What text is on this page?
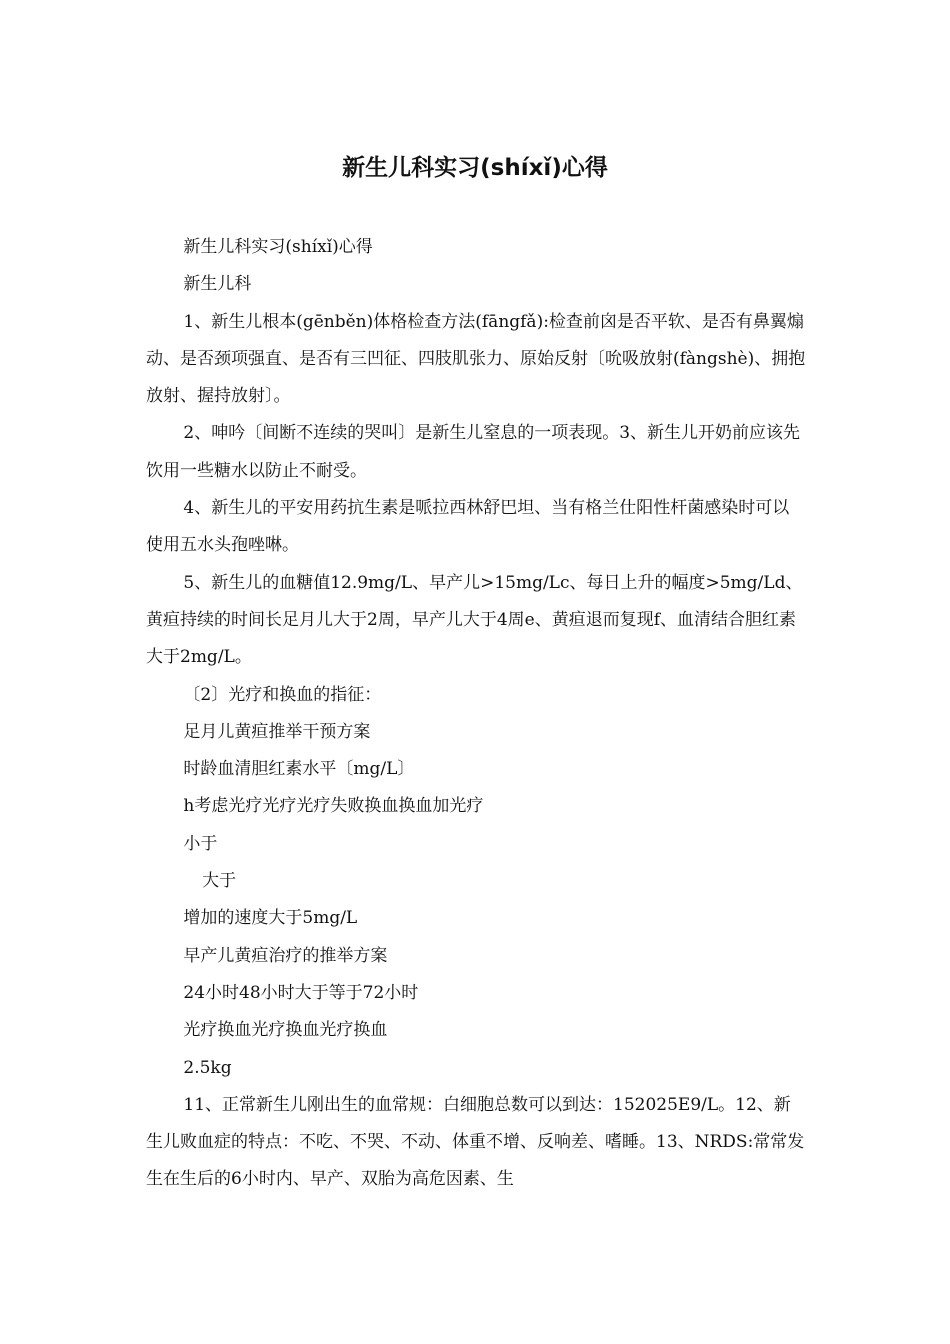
新生儿科实习(shíxǐ)心得

新生儿科实习(shíxǐ)心得

新生儿科

1、新生儿根本(gēnběn)体格检查方法(fāngfǎ):检查前囟是否平软、是否有鼻翼煽动、是否颈项强直、是否有三凹征、四肢肌张力、原始反射〔吮吸放射(fàngshè)、拥抱放射、握持放射〕。

2、呻吟〔间断不连续的哭叫〕是新生儿窒息的一项表现。3、新生儿开奶前应该先饮用一些糖水以防止不耐受。

4、新生儿的平安用药抗生素是哌拉西林舒巴坦、当有格兰仕阳性杆菌感染时可以使用五水头孢唑啉。

5、新生儿的血糖值12.9mg/L、早产儿>15mg/Lc、每日上升的幅度>5mg/Ld、黄疸持续的时间长足月儿大于2周，早产儿大于4周e、黄疸退而复现f、血清结合胆红素大于2mg/L。

〔2〕光疗和换血的指征：

足月儿黄疸推举干预方案

时龄血清胆红素水平〔mg/L〕

h考虑光疗光疗光疗失败换血换血加光疗

小于

大于

增加的速度大于5mg/L

早产儿黄疸治疗的推举方案

24小时48小时大于等于72小时

光疗换血光疗换血光疗换血

2.5kg

11、正常新生儿刚出生的血常规：白细胞总数可以到达：152025E9/L。12、新生儿败血症的特点：不吃、不哭、不动、体重不增、反响差、嗜睡。13、NRDS:常常发生在生后的6小时内、早产、双胎为高危因素、生
